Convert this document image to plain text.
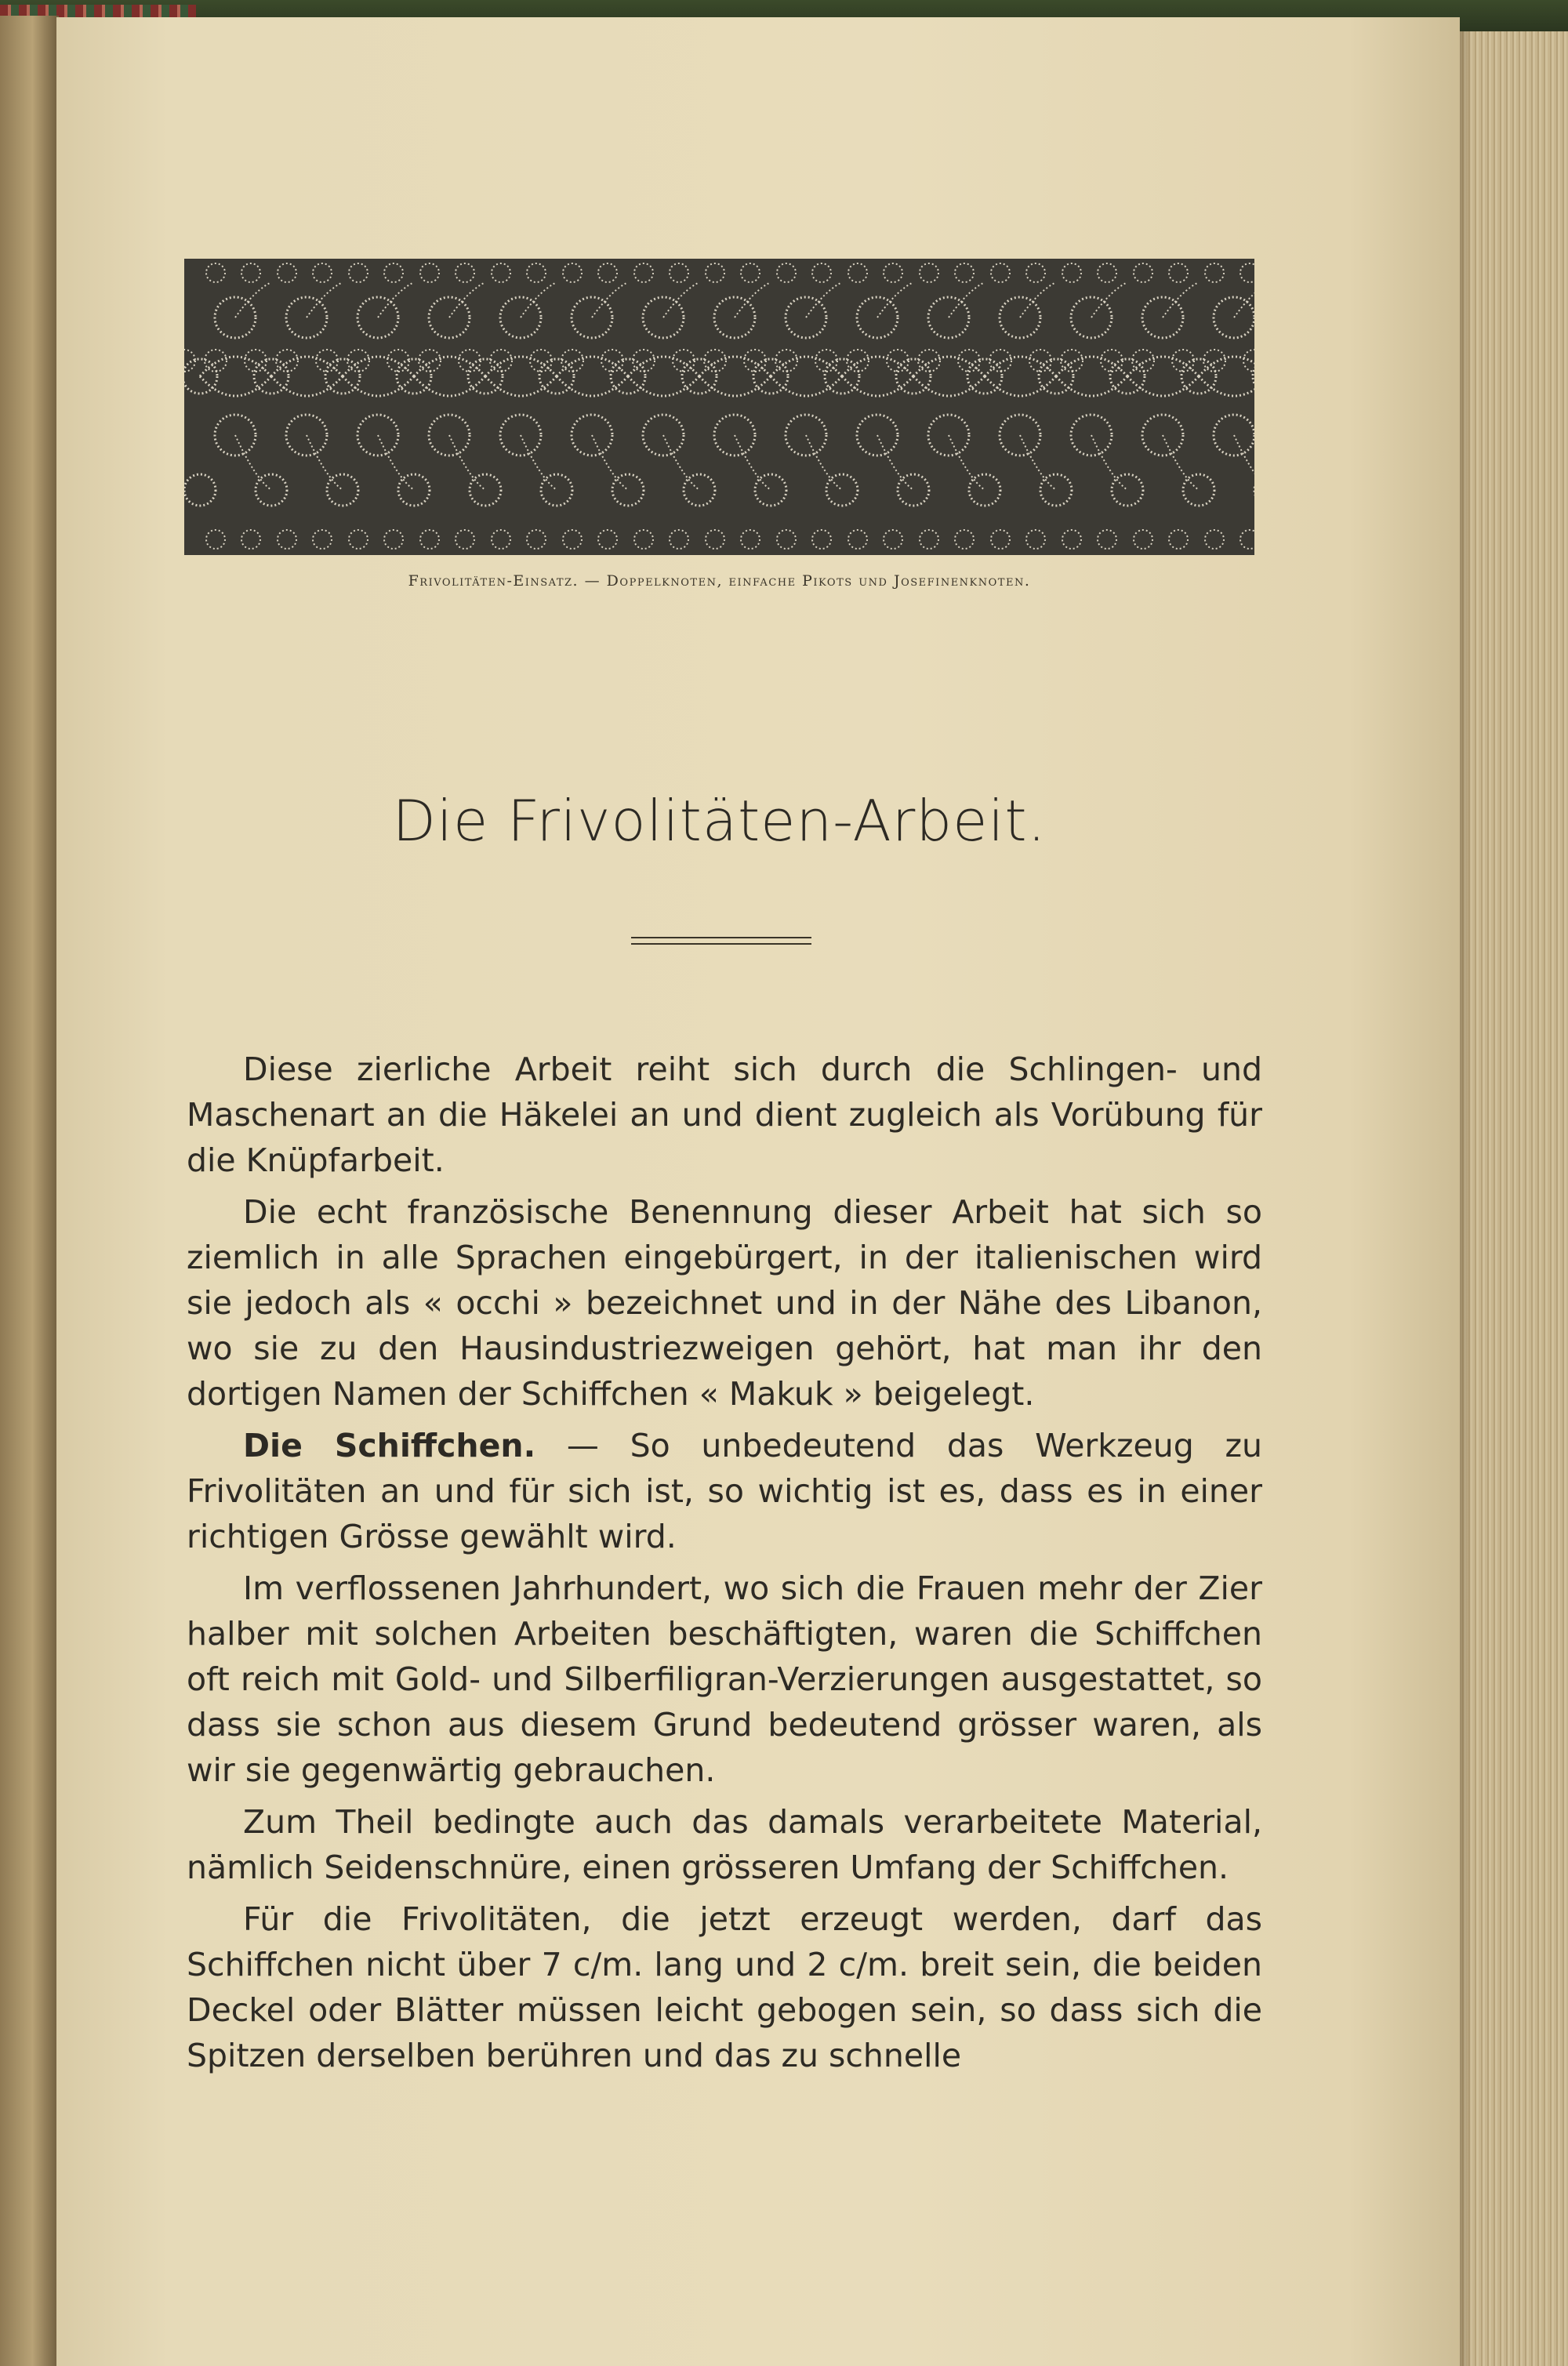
Frivolitäten-Einsatz. — Doppelknoten, einfache Pikots und Josefinenknoten.
Die Frivolitäten-Arbeit.

Diese zierliche Arbeit reiht sich durch die Schlingen- und Maschenart an die Häkelei an und dient zugleich als Vorübung für die Knüpfarbeit.

Die echt französische Benennung dieser Arbeit hat sich so ziemlich in alle Sprachen eingebürgert, in der italienischen wird sie jedoch als « occhi » bezeichnet und in der Nähe des Libanon, wo sie zu den Hausindustriezweigen gehört, hat man ihr den dortigen Namen der Schiffchen « Makuk » beigelegt.

Die Schiffchen. — So unbedeutend das Werkzeug zu Frivolitäten an und für sich ist, so wichtig ist es, dass es in einer richtigen Grösse gewählt wird.

Im verflossenen Jahrhundert, wo sich die Frauen mehr der Zier halber mit solchen Arbeiten beschäftigten, waren die Schiffchen oft reich mit Gold- und Silberfiligran-Verzierungen ausgestattet, so dass sie schon aus diesem Grund bedeutend grösser waren, als wir sie gegenwärtig gebrauchen.

Zum Theil bedingte auch das damals verarbeitete Material, nämlich Seidenschnüre, einen grösseren Umfang der Schiffchen.

Für die Frivolitäten, die jetzt erzeugt werden, darf das Schiffchen nicht über 7 c/m. lang und 2 c/m. breit sein, die beiden Deckel oder Blätter müssen leicht gebogen sein, so dass sich die Spitzen derselben berühren und das zu schnelle
